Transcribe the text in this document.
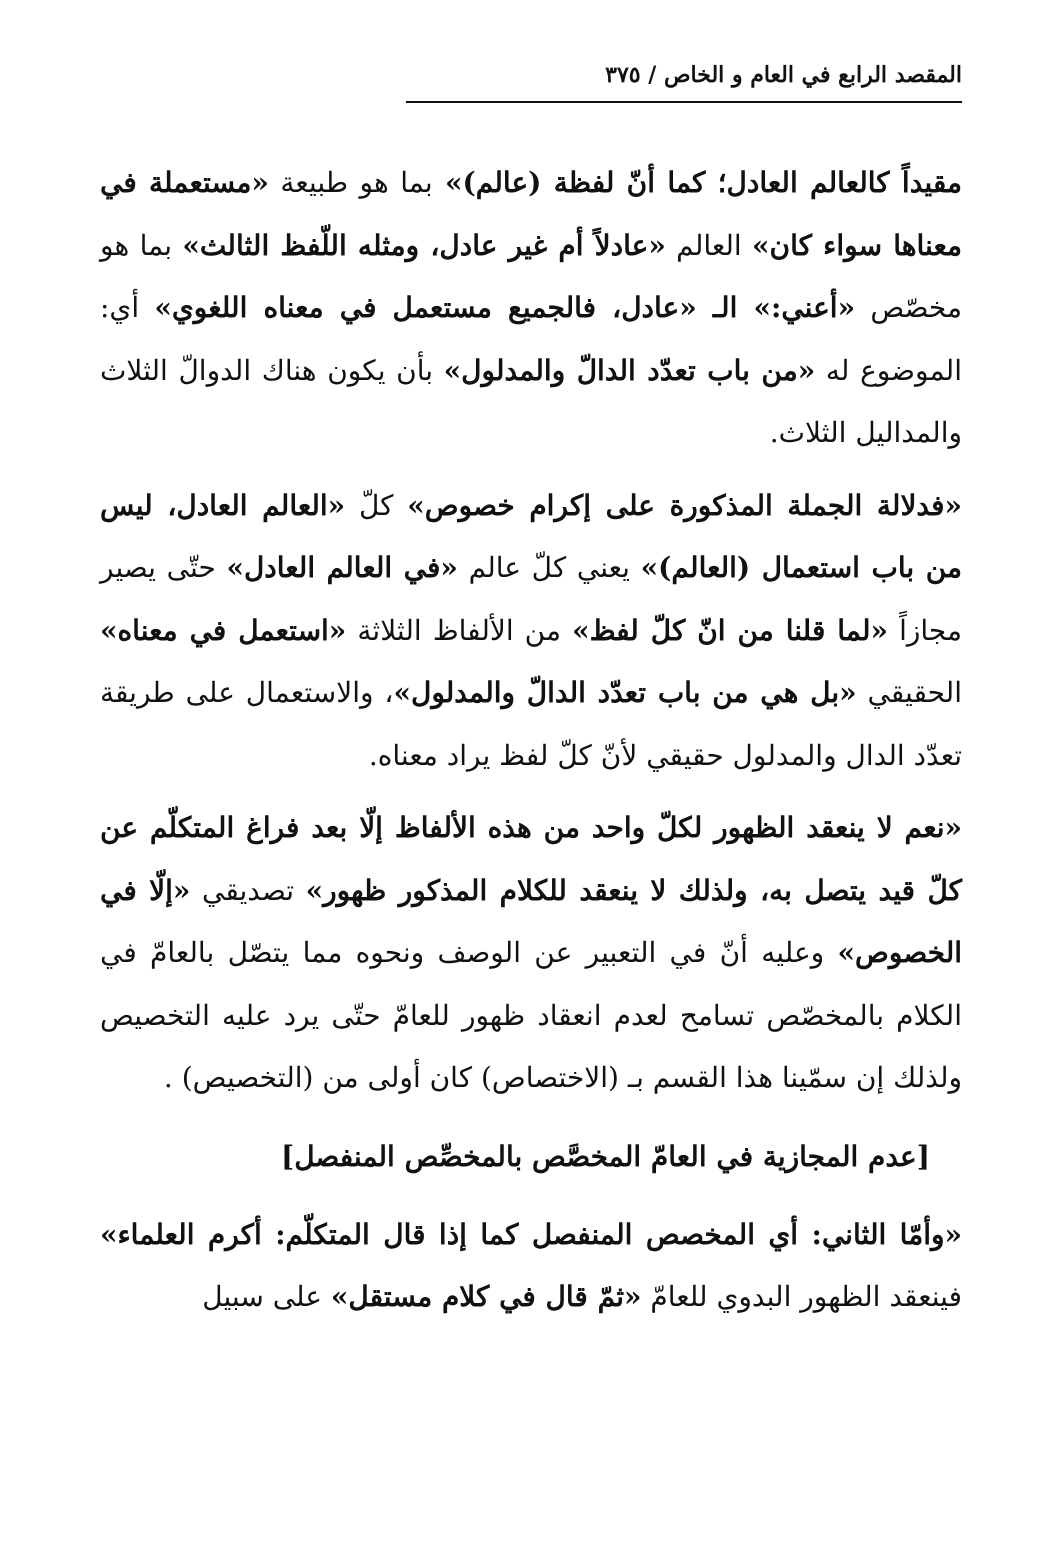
المقصد الرابع في العام و الخاص / ٣٧٥

مقيداً كالعالم العادل؛ كما أنّ لفظة (عالم)» بما هو طبيعة «مستعملة في معناها سواء كان» العالم «عادلاً أم غير عادل، ومثله اللّفظ الثالث» بما هو مخصّص «أعني:» الـ «عادل، فالجميع مستعمل في معناه اللغوي» أي: الموضوع له «من باب تعدّد الدالّ والمدلول» بأن يكون هناك الدوالّ الثلاث والمداليل الثلاث.

«فدلالة الجملة المذكورة على إكرام خصوص» كلّ «العالم العادل، ليس من باب استعمال (العالم)» يعني كلّ عالم «في العالم العادل» حتّى يصير مجازاً «لما قلنا من انّ كلّ لفظ» من الألفاظ الثلاثة «استعمل في معناه» الحقيقي «بل هي من باب تعدّد الدالّ والمدلول»، والاستعمال على طريقة تعدّد الدال والمدلول حقيقي لأنّ كلّ لفظ يراد معناه.

«نعم لا ينعقد الظهور لكلّ واحد من هذه الألفاظ إلّا بعد فراغ المتكلّم عن كلّ قيد يتصل به، ولذلك لا ينعقد للكلام المذكور ظهور» تصديقي «إلّا في الخصوص» وعليه أنّ في التعبير عن الوصف ونحوه مما يتصّل بالعامّ في الكلام بالمخصّص تسامح لعدم انعقاد ظهور للعامّ حتّى يرد عليه التخصيص ولذلك إن سمّينا هذا القسم بـ (الاختصاص) كان أولى من (التخصيص) .

[عدم المجازية في العامّ المخصَّص بالمخصِّص المنفصل]

«وأمّا الثاني: أي المخصص المنفصل كما إذا قال المتكلّم: أكرم العلماء» فينعقد الظهور البدوي للعامّ «ثمّ قال في كلام مستقل» على سبيل
